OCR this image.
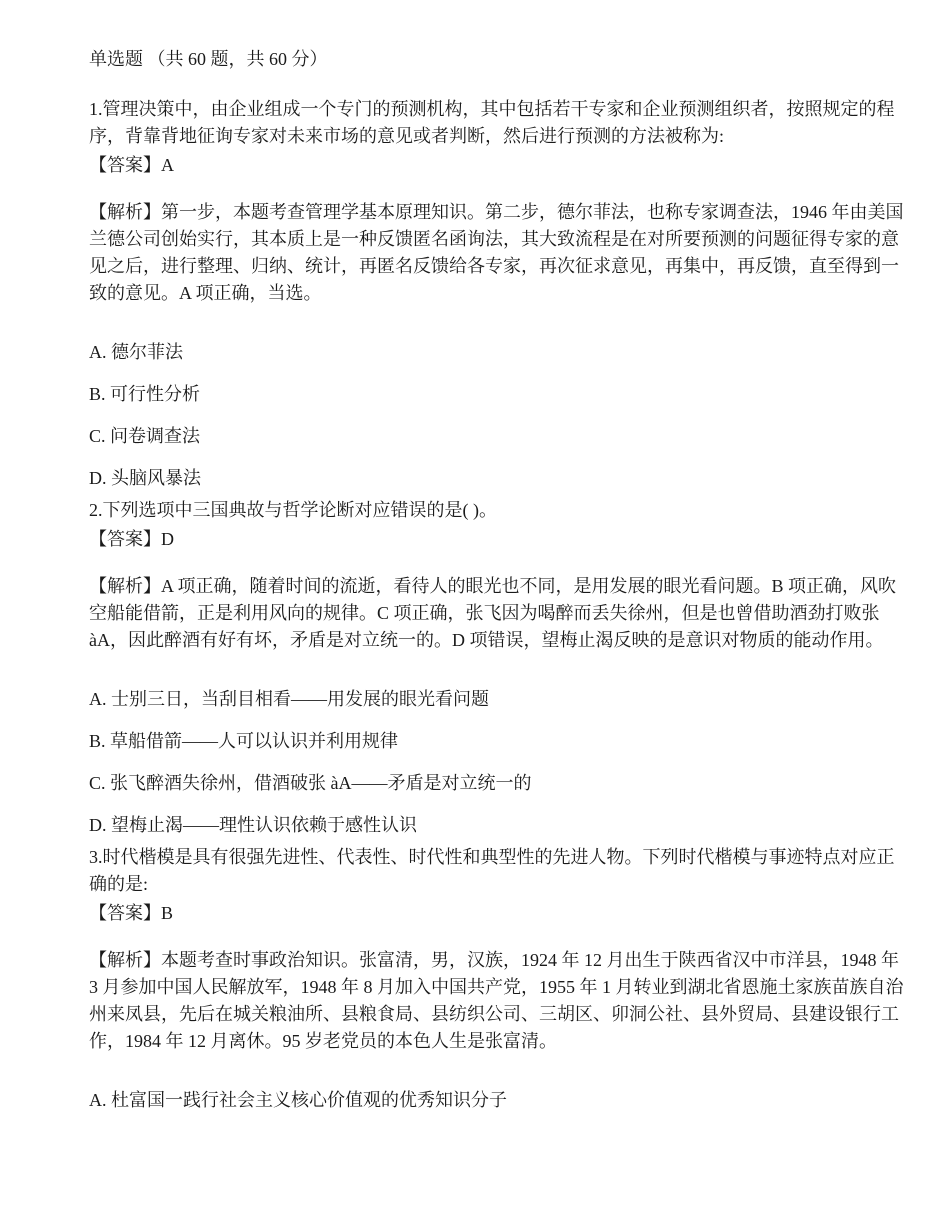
单选题 （共 60 题，共 60 分）
1.管理决策中，由企业组成一个专门的预测机构，其中包括若干专家和企业预测组织者，按照规定的程序，背靠背地征询专家对未来市场的意见或者判断，然后进行预测的方法被称为:
【答案】A
【解析】第一步，本题考查管理学基本原理知识。第二步，德尔菲法，也称专家调查法，1946 年由美国兰德公司创始实行，其本质上是一种反馈匿名函询法，其大致流程是在对所要预测的问题征得专家的意见之后，进行整理、归纳、统计，再匿名反馈给各专家，再次征求意见，再集中，再反馈，直至得到一致的意见。A 项正确，当选。
A. 德尔菲法
B. 可行性分析
C. 问卷调查法
D. 头脑风暴法
2.下列选项中三国典故与哲学论断对应错误的是( )。
【答案】D
【解析】A 项正确，随着时间的流逝，看待人的眼光也不同，是用发展的眼光看问题。B 项正确，风吹空船能借箭，正是利用风向的规律。C 项正确，张飞因为喝醉而丢失徐州，但是也曾借助酒劲打败张 àA，因此醉酒有好有坏，矛盾是对立统一的。D 项错误，望梅止渴反映的是意识对物质的能动作用。
A. 士别三日，当刮目相看——用发展的眼光看问题
B. 草船借箭——人可以认识并利用规律
C. 张飞醉酒失徐州，借酒破张 àA——矛盾是对立统一的
D. 望梅止渴——理性认识依赖于感性认识
3.时代楷模是具有很强先进性、代表性、时代性和典型性的先进人物。下列时代楷模与事迹特点对应正确的是:
【答案】B
【解析】本题考查时事政治知识。张富清，男，汉族，1924 年 12 月出生于陕西省汉中市洋县，1948 年 3 月参加中国人民解放军，1948 年 8 月加入中国共产党，1955 年 1 月转业到湖北省恩施土家族苗族自治州来凤县，先后在城关粮油所、县粮食局、县纺织公司、三胡区、卯洞公社、县外贸局、县建设银行工作，1984 年 12 月离休。95 岁老党员的本色人生是张富清。
A. 杜富国一践行社会主义核心价值观的优秀知识分子
